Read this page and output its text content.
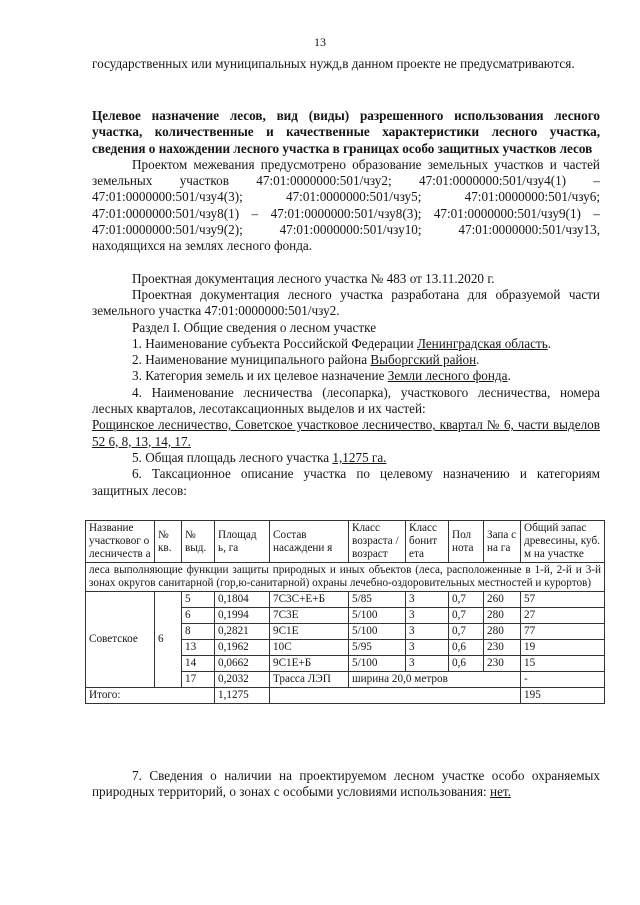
13

государственных или муниципальных нужд,в данном проекте не предусматриваются.

Целевое назначение лесов, вид (виды) разрешенного использования лесного участка, количественные и качественные характеристики лесного участка, сведения о нахождении лесного участка в границах особо защитных участков лесов

Проектом межевания предусмотрено образование земельных участков и частей земельных участков 47:01:0000000:501/чзу2; 47:01:0000000:501/чзу4(1) – 47:01:0000000:501/чзу4(3); 47:01:0000000:501/чзу5; 47:01:0000000:501/чзу6; 47:01:0000000:501/чзу8(1) – 47:01:0000000:501/чзу8(3); 47:01:0000000:501/чзу9(1) – 47:01:0000000:501/чзу9(2); 47:01:0000000:501/чзу10; 47:01:0000000:501/чзу13, находящихся на землях лесного фонда.

Проектная документация лесного участка № 483 от 13.11.2020 г.

Проектная документация лесного участка разработана для образуемой части земельного участка 47:01:0000000:501/чзу2.

Раздел I. Общие сведения о лесном участке

1. Наименование субъекта Российской Федерации Ленинградская область.

2. Наименование муниципального района Выборгский район.

3. Категория земель и их целевое назначение Земли лесного фонда.

4. Наименование лесничества (лесопарка), участкового лесничества, номера лесных кварталов, лесотаксационных выделов и их частей:

Рощинское лесничество, Советское участковое лесничество, квартал № 6, части выделов 52 6, 8, 13, 14, 17.

5. Общая площадь лесного участка 1,1275 га.

6. Таксационное описание участка по целевому назначению и категориям защитных лесов:

Название участковог о лесничеств а	№ кв.	№ выд.	Площад ь, га	Состав насаждени я	Класс возраста /возраст	Класс бонит ета	Пол нота	Запа с на га	Общий запас древесины, куб. м на участке
леса выполняющие функции защиты природных и иных объектов (леса, расположенные в 1-й, 2-й и 3-й зонах округов санитарной (гор,ю-санитарной) охраны лечебно-оздоровительных местностей и курортов)									
Советское	6	5	0,1804	7С3С+Е+Б	5/85	3	0,7	260	57
		6	0,1994	7С3Е	5/100	3	0,7	280	27
		8	0,2821	9С1Е	5/100	3	0,7	280	77
		13	0,1962	10С	5/95	3	0,6	230	19
		14	0,0662	9С1Е+Б	5/100	3	0,6	230	15
		17	0,2032	Трасса ЛЭП	ширина 20,0 метров				-
Итого:			1,1275						195

7. Сведения о наличии на проектируемом лесном участке особо охраняемых природных территорий, о зонах с особыми условиями использования: нет.
